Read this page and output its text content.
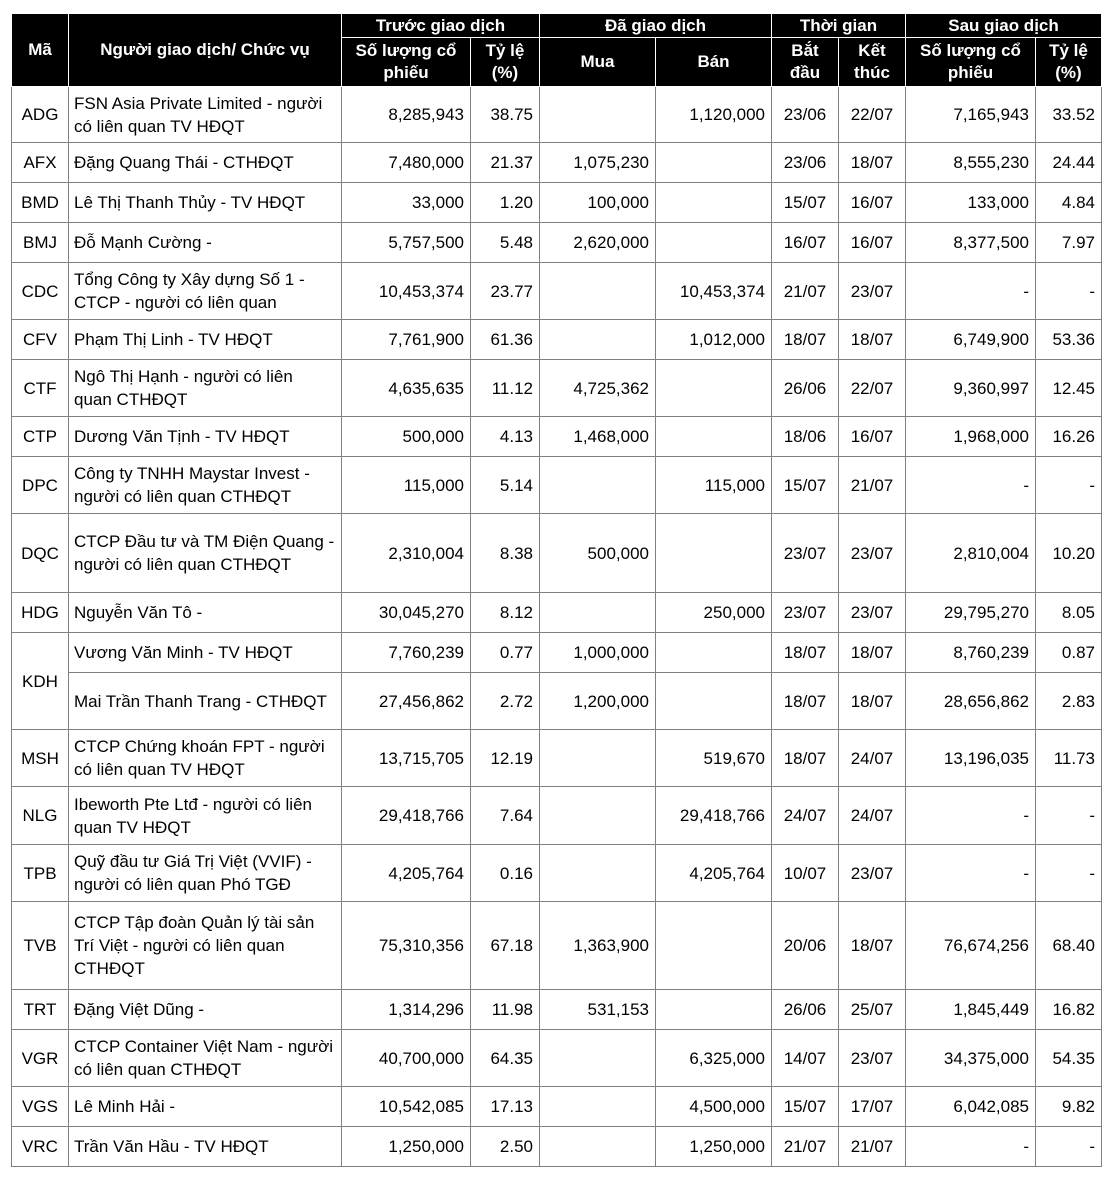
Mã	Người giao dịch/ Chức vụ	Trước giao dịch		Đã giao dịch		Thời gian		Sau giao dịch	
		Số lượng cổ phiếu	Tỷ lệ (%)	Mua	Bán	Bắt đầu	Kết thúc	Số lượng cổ phiếu	Tỷ lệ (%)
ADG	FSN Asia Private Limited - người có liên quan TV HĐQT	8,285,943	38.75		1,120,000	23/06	22/07	7,165,943	33.52
AFX	Đặng Quang Thái - CTHĐQT	7,480,000	21.37	1,075,230		23/06	18/07	8,555,230	24.44
BMD	Lê Thị Thanh Thủy - TV HĐQT	33,000	1.20	100,000		15/07	16/07	133,000	4.84
BMJ	Đỗ Mạnh Cường -	5,757,500	5.48	2,620,000		16/07	16/07	8,377,500	7.97
CDC	Tổng Công ty Xây dựng Số 1 - CTCP - người có liên quan	10,453,374	23.77		10,453,374	21/07	23/07	-	-
CFV	Phạm Thị Linh - TV HĐQT	7,761,900	61.36		1,012,000	18/07	18/07	6,749,900	53.36
CTF	Ngô Thị Hạnh - người có liên quan CTHĐQT	4,635,635	11.12	4,725,362		26/06	22/07	9,360,997	12.45
CTP	Dương Văn Tịnh - TV HĐQT	500,000	4.13	1,468,000		18/06	16/07	1,968,000	16.26
DPC	Công ty TNHH Maystar Invest - người có liên quan CTHĐQT	115,000	5.14		115,000	15/07	21/07	-	-
DQC	CTCP Đầu tư và TM Điện Quang - người có liên quan CTHĐQT	2,310,004	8.38	500,000		23/07	23/07	2,810,004	10.20
HDG	Nguyễn Văn Tô -	30,045,270	8.12		250,000	23/07	23/07	29,795,270	8.05
KDH	Vương Văn Minh - TV HĐQT	7,760,239	0.77	1,000,000		18/07	18/07	8,760,239	0.87
	Mai Trần Thanh Trang - CTHĐQT	27,456,862	2.72	1,200,000		18/07	18/07	28,656,862	2.83
MSH	CTCP Chứng khoán FPT - người có liên quan TV HĐQT	13,715,705	12.19		519,670	18/07	24/07	13,196,035	11.73
NLG	Ibeworth Pte Ltđ - người có liên quan TV HĐQT	29,418,766	7.64		29,418,766	24/07	24/07	-	-
TPB	Quỹ đầu tư Giá Trị Việt (VVIF) - người có liên quan Phó TGĐ	4,205,764	0.16		4,205,764	10/07	23/07	-	-
TVB	CTCP Tập đoàn Quản lý tài sản Trí Việt - người có liên quan CTHĐQT	75,310,356	67.18	1,363,900		20/06	18/07	76,674,256	68.40
TRT	Đặng Việt Dũng -	1,314,296	11.98	531,153		26/06	25/07	1,845,449	16.82
VGR	CTCP Container Việt Nam - người có liên quan CTHĐQT	40,700,000	64.35		6,325,000	14/07	23/07	34,375,000	54.35
VGS	Lê Minh Hải -	10,542,085	17.13		4,500,000	15/07	17/07	6,042,085	9.82
VRC	Trần Văn Hầu - TV HĐQT	1,250,000	2.50		1,250,000	21/07	21/07	-	-
